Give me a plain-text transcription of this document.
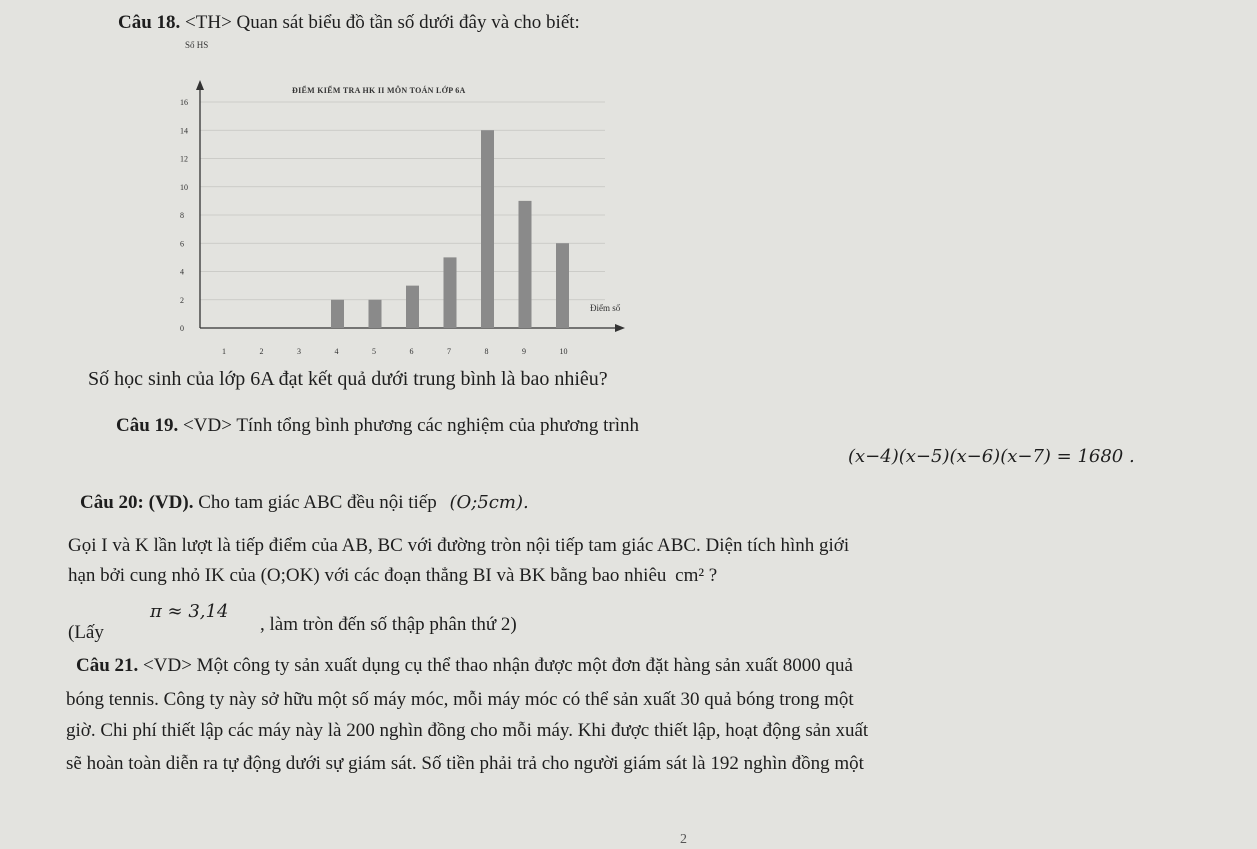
Câu 18. <TH> Quan sát biểu đồ tần số dưới đây và cho biết:
Số HS
ĐIỂM KIỂM TRA HK II MÔN TOÁN LỚP 6A
Điểm số
0
2
4
6
8
10
12
14
16
1	2	3	4	5	6	7	8	9	10
Số học sinh của lớp 6A đạt kết quả dưới trung bình là bao nhiêu?
Câu 19. <VD> Tính tổng bình phương các nghiệm của phương trình
(x−4)(x−5)(x−6)(x−7) = 1680 .
Câu 20: (VD). Cho tam giác ABC đều nội tiếp (O;5cm).
Gọi I và K lần lượt là tiếp điểm của AB, BC với đường tròn nội tiếp tam giác ABC. Diện tích hình giới
hạn bởi cung nhỏ IK của (O;OK) với các đoạn thẳng BI và BK bằng bao nhiêu cm² ?
π ≈ 3,14
(Lấy	, làm tròn đến số thập phân thứ 2)
Câu 21. <VD> Một công ty sản xuất dụng cụ thể thao nhận được một đơn đặt hàng sản xuất 8000 quả
bóng tennis. Công ty này sở hữu một số máy móc, mỗi máy móc có thể sản xuất 30 quả bóng trong một
giờ. Chi phí thiết lập các máy này là 200 nghìn đồng cho mỗi máy. Khi được thiết lập, hoạt động sản xuất
sẽ hoàn toàn diễn ra tự động dưới sự giám sát. Số tiền phải trả cho người giám sát là 192 nghìn đồng một
2
